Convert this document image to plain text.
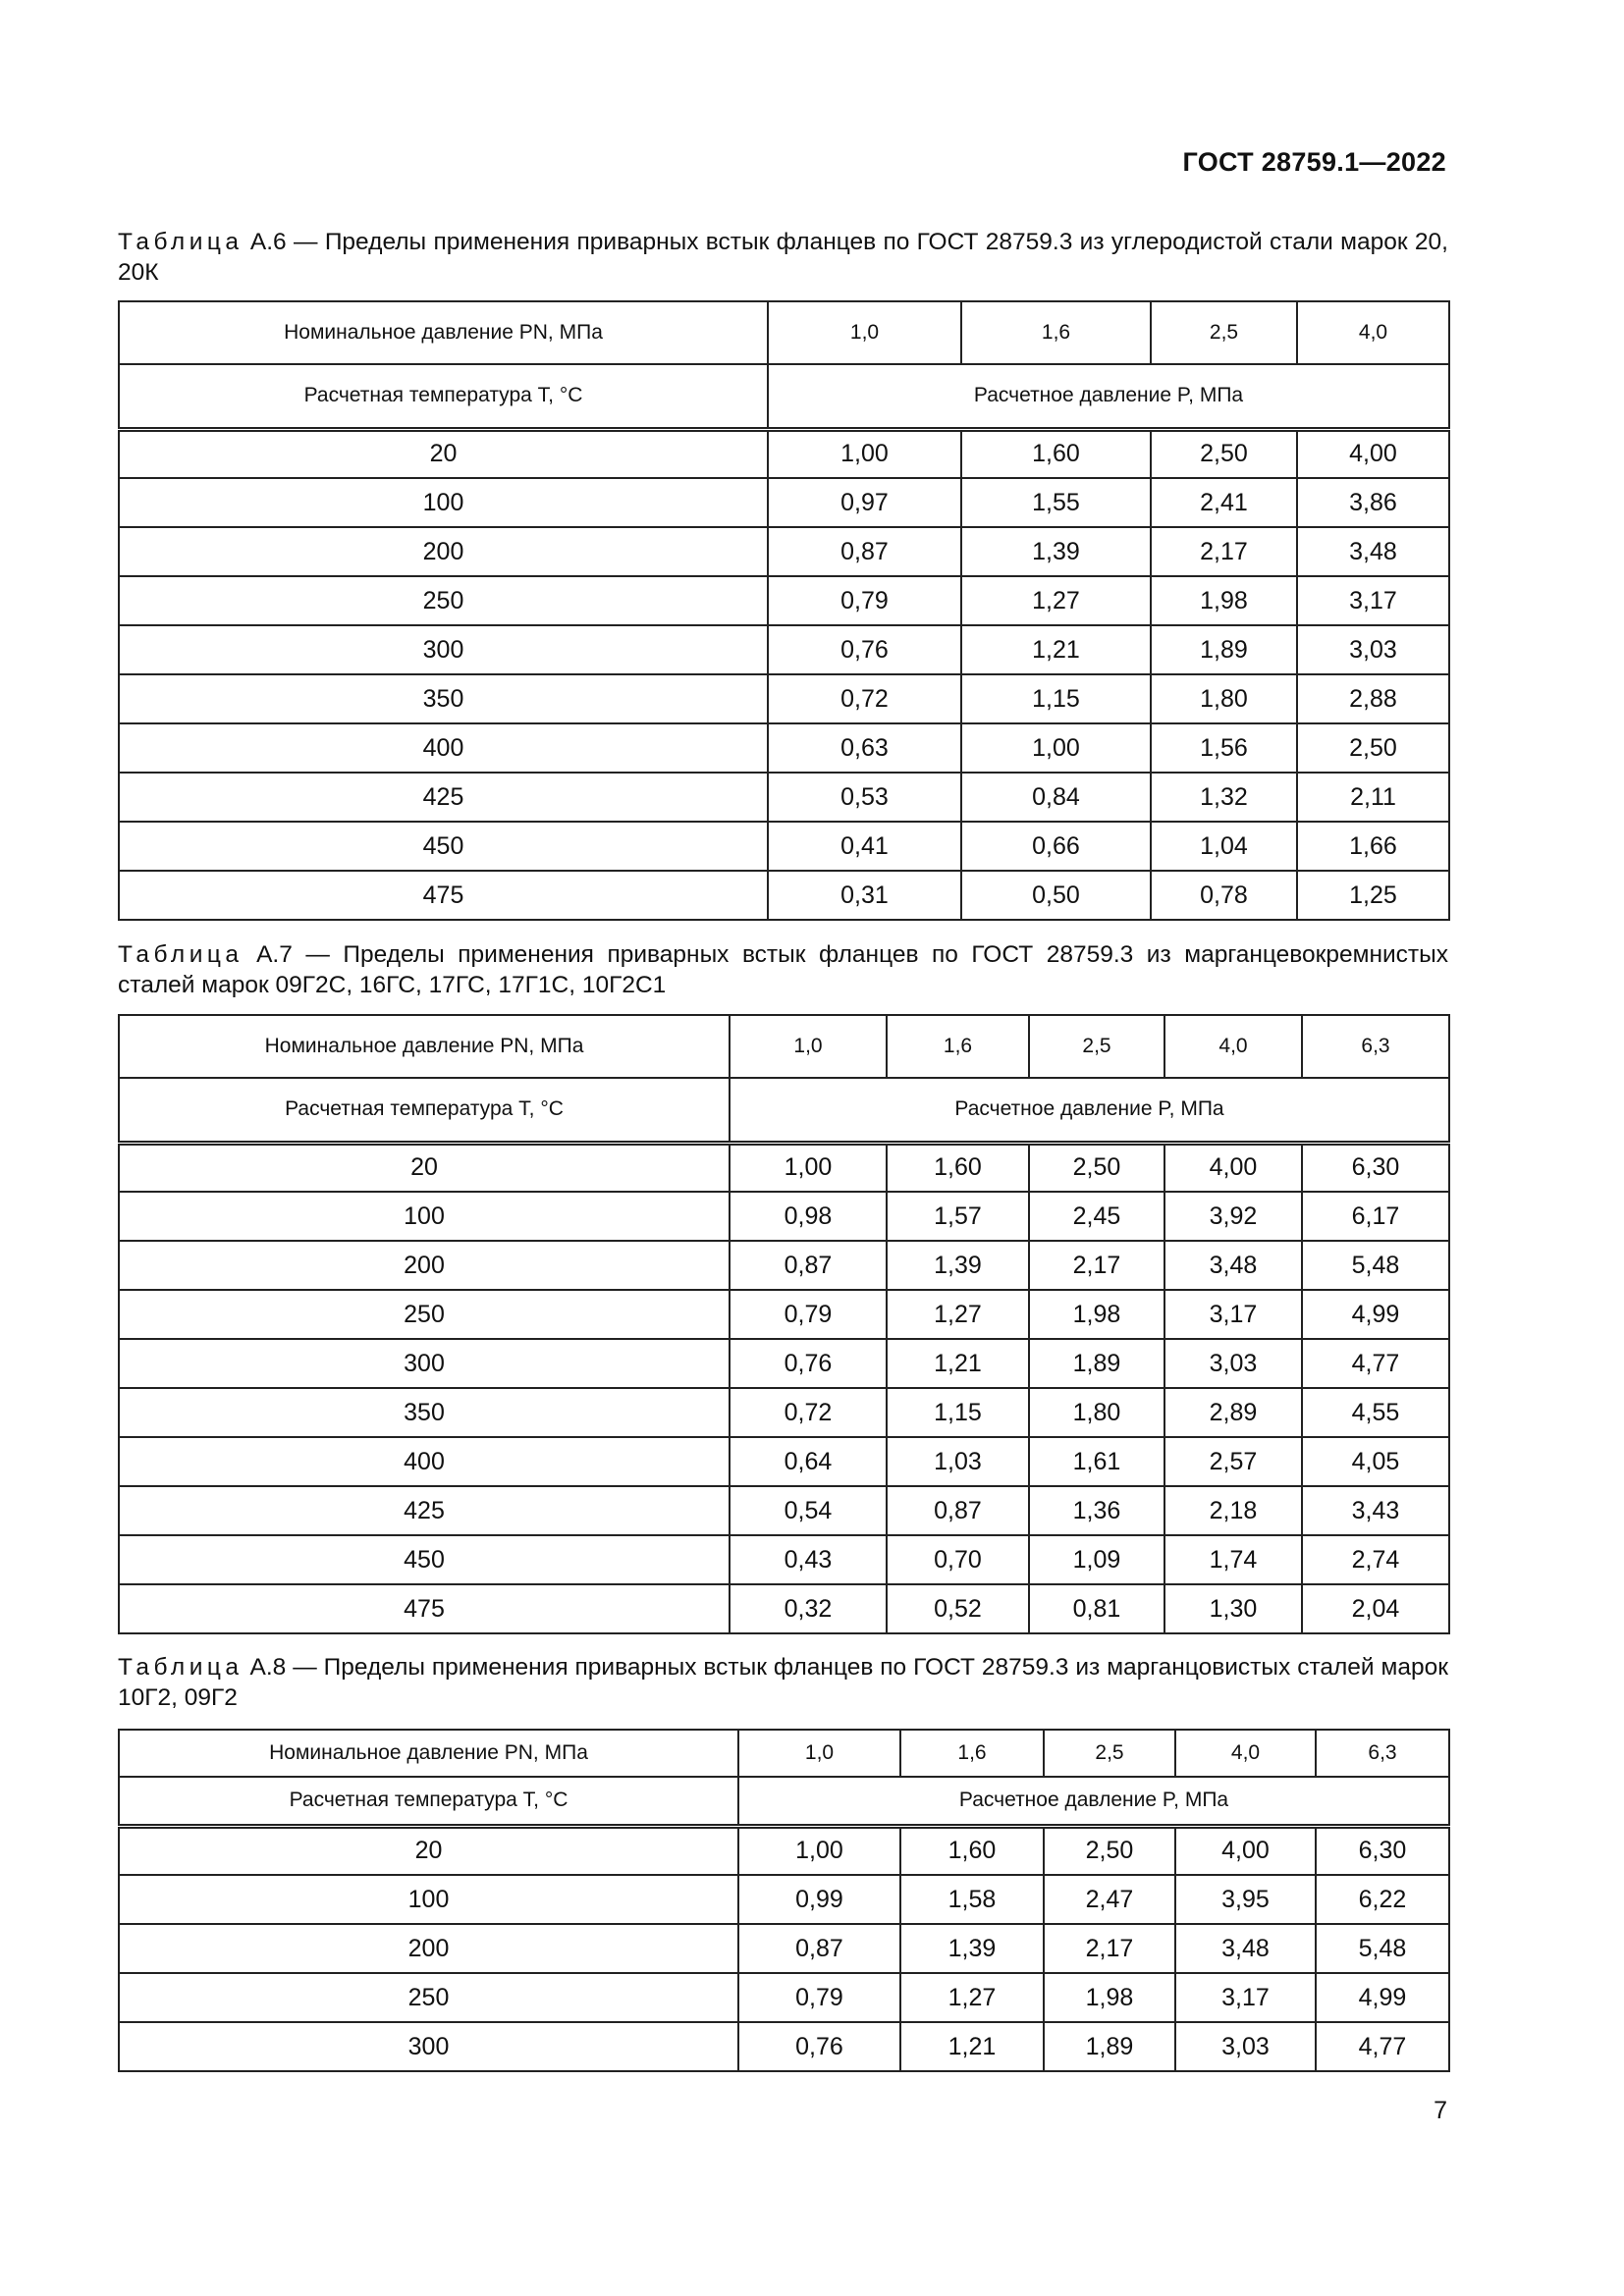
ГОСТ 28759.1—2022
Таблица А.6 — Пределы применения приварных встык фланцев по ГОСТ 28759.3 из углеродистой стали марок 20, 20К
Номинальное давление PN, МПа	1,0	1,6	2,5	4,0
Расчетная температура T, °С	Расчетное давление P, МПа			
20	1,00	1,60	2,50	4,00
100	0,97	1,55	2,41	3,86
200	0,87	1,39	2,17	3,48
250	0,79	1,27	1,98	3,17
300	0,76	1,21	1,89	3,03
350	0,72	1,15	1,80	2,88
400	0,63	1,00	1,56	2,50
425	0,53	0,84	1,32	2,11
450	0,41	0,66	1,04	1,66
475	0,31	0,50	0,78	1,25
Таблица А.7 — Пределы применения приварных встык фланцев по ГОСТ 28759.3 из марганцевокремнистых сталей марок 09Г2С, 16ГС, 17ГС, 17Г1С, 10Г2С1
Номинальное давление PN, МПа	1,0	1,6	2,5	4,0	6,3
Расчетная температура T, °С	Расчетное давление P, МПа				
20	1,00	1,60	2,50	4,00	6,30
100	0,98	1,57	2,45	3,92	6,17
200	0,87	1,39	2,17	3,48	5,48
250	0,79	1,27	1,98	3,17	4,99
300	0,76	1,21	1,89	3,03	4,77
350	0,72	1,15	1,80	2,89	4,55
400	0,64	1,03	1,61	2,57	4,05
425	0,54	0,87	1,36	2,18	3,43
450	0,43	0,70	1,09	1,74	2,74
475	0,32	0,52	0,81	1,30	2,04
Таблица А.8 — Пределы применения приварных встык фланцев по ГОСТ 28759.3 из марганцовистых сталей марок 10Г2, 09Г2
Номинальное давление PN, МПа	1,0	1,6	2,5	4,0	6,3
Расчетная температура T, °С	Расчетное давление P, МПа				
20	1,00	1,60	2,50	4,00	6,30
100	0,99	1,58	2,47	3,95	6,22
200	0,87	1,39	2,17	3,48	5,48
250	0,79	1,27	1,98	3,17	4,99
300	0,76	1,21	1,89	3,03	4,77
7
